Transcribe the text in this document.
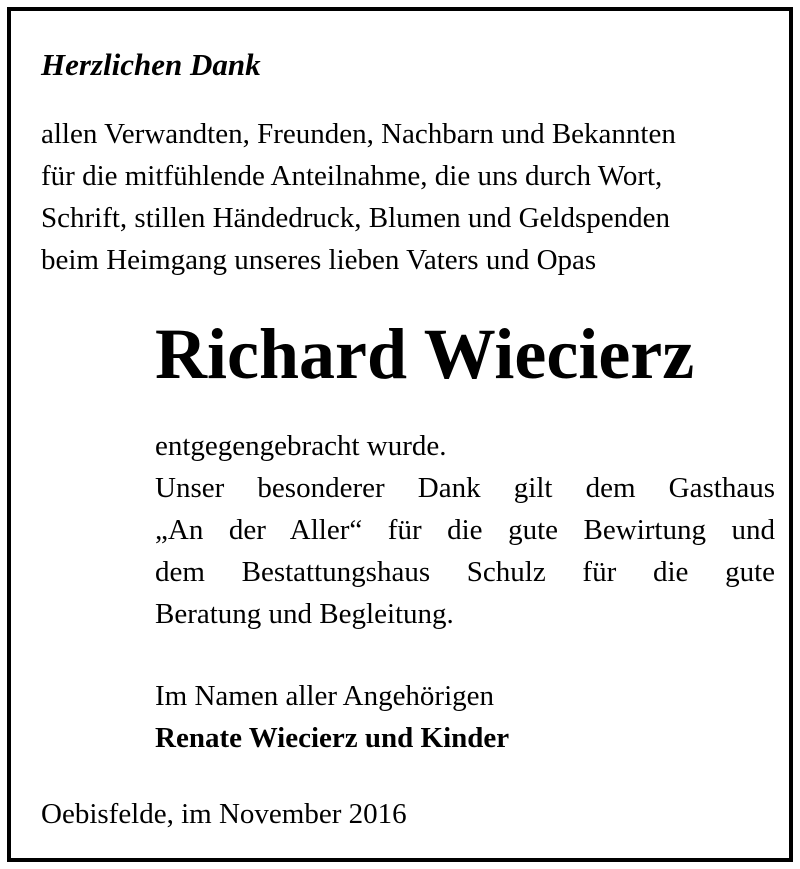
Herzlichen Dank

allen Verwandten, Freunden, Nachbarn und Bekannten
für die mitfühlende Anteilnahme, die uns durch Wort,
Schrift, stillen Händedruck, Blumen und Geldspenden
beim Heimgang unseres lieben Vaters und Opas

Richard Wiecierz

entgegengebracht wurde.
Unser besonderer Dank gilt dem Gasthaus
„An der Aller“ für die gute Bewirtung und
dem Bestattungshaus Schulz für die gute
Beratung und Begleitung.

Im Namen aller Angehörigen
Renate Wiecierz und Kinder

Oebisfelde, im November 2016
